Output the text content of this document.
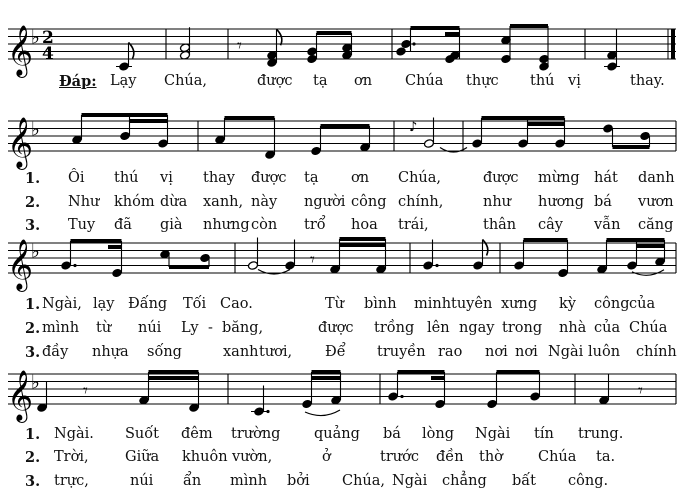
𝄞
♭ 2
4	𝄾
𝄞
♭	♪
𝄞
♭	𝄾
𝄞
♭ 𝄾	𝄾
Đáp: Lạy Chúa,	được tạ ơn Chúa thực thú vị	thay.
1. Ôi thú vị thay được tạ ơn Chúa,	được mừng hát danh
2. Như khóm dừa xanh, này người công chính,	như hương bá vươn
3. Tuy đã già nhưng còn trổ hoa trái,	thân cây vẫn căng
1. Ngài, lạy Đấng Tối Cao.	Từ bình minh tuyên xưng kỳ công của
2. mình từ núi Ly - băng,	được trồng lên ngay trong nhà của Chúa
3. đầy nhựa sống	xanh tươi, Để truyền rao nơi nơi Ngài luôn chính
1. Ngài. Suốt đêm trường quảng bá lòng Ngài tín trung.
2. Trời,	Giữa khuôn vườn,	ở	trước đền thờ Chúa ta.
3. trực,	núi ẩn mình bởi Chúa, Ngài chẳng bất công.
